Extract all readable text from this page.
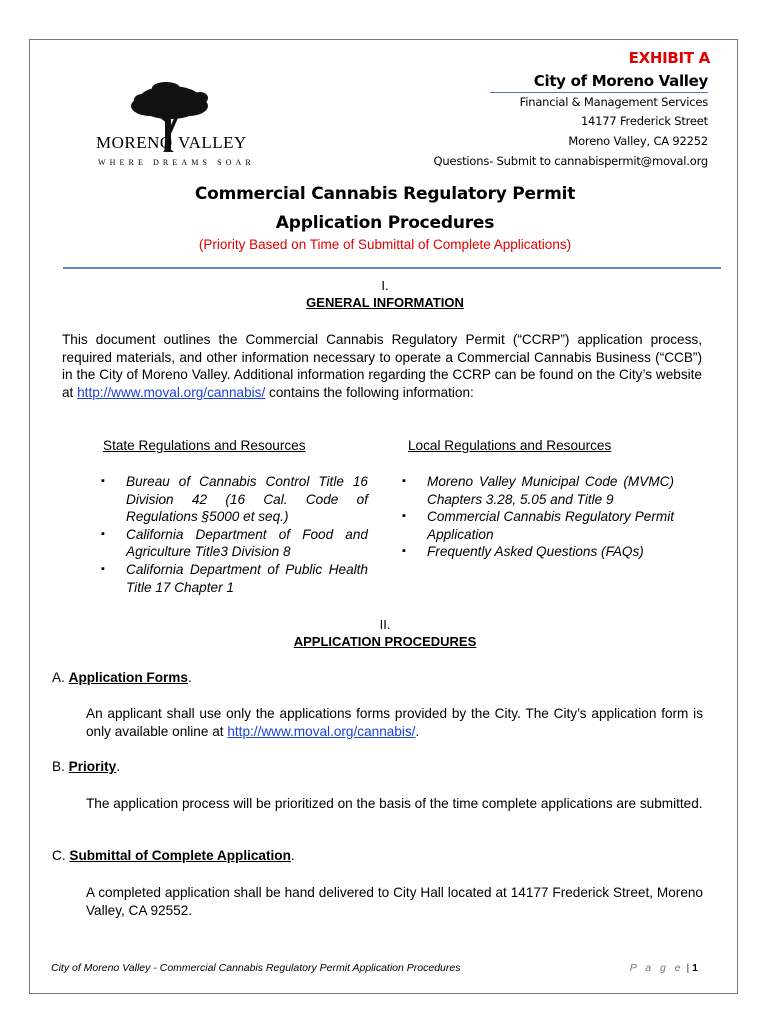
MORENO VALLEY
WHERE DREAMS SOAR
EXHIBIT A
City of Moreno Valley
Financial & Management Services
14177 Frederick Street
Moreno Valley, CA 92252
Questions- Submit to cannabispermit@moval.org
Commercial Cannabis Regulatory Permit
Application Procedures
(Priority Based on Time of Submittal of Complete Applications)
I.
GENERAL INFORMATION
This document outlines the Commercial Cannabis Regulatory Permit (“CCRP”) application process, required materials, and other information necessary to operate a Commercial Cannabis Business (“CCB”) in the City of Moreno Valley. Additional information regarding the CCRP can be found on the City’s website at http://www.moval.org/cannabis/ contains the following information:
State Regulations and Resources	Local Regulations and Resources
▪ Bureau of Cannabis Control Title 16 Division 42 (16 Cal. Code of Regulations §5000 et seq.)
▪ California Department of Food and Agriculture Title3 Division 8
▪ California Department of Public Health Title 17 Chapter 1
▪ Moreno Valley Municipal Code (MVMC) Chapters 3.28, 5.05 and Title 9
▪ Commercial Cannabis Regulatory Permit Application
▪ Frequently Asked Questions (FAQs)
II.
APPLICATION PROCEDURES
A. Application Forms.
An applicant shall use only the applications forms provided by the City. The City’s application form is only available online at http://www.moval.org/cannabis/.
B. Priority.
The application process will be prioritized on the basis of the time complete applications are submitted.
C. Submittal of Complete Application.
A completed application shall be hand delivered to City Hall located at 14177 Frederick Street, Moreno Valley, CA 92552.
City of Moreno Valley - Commercial Cannabis Regulatory Permit Application Procedures	P a g e | 1
